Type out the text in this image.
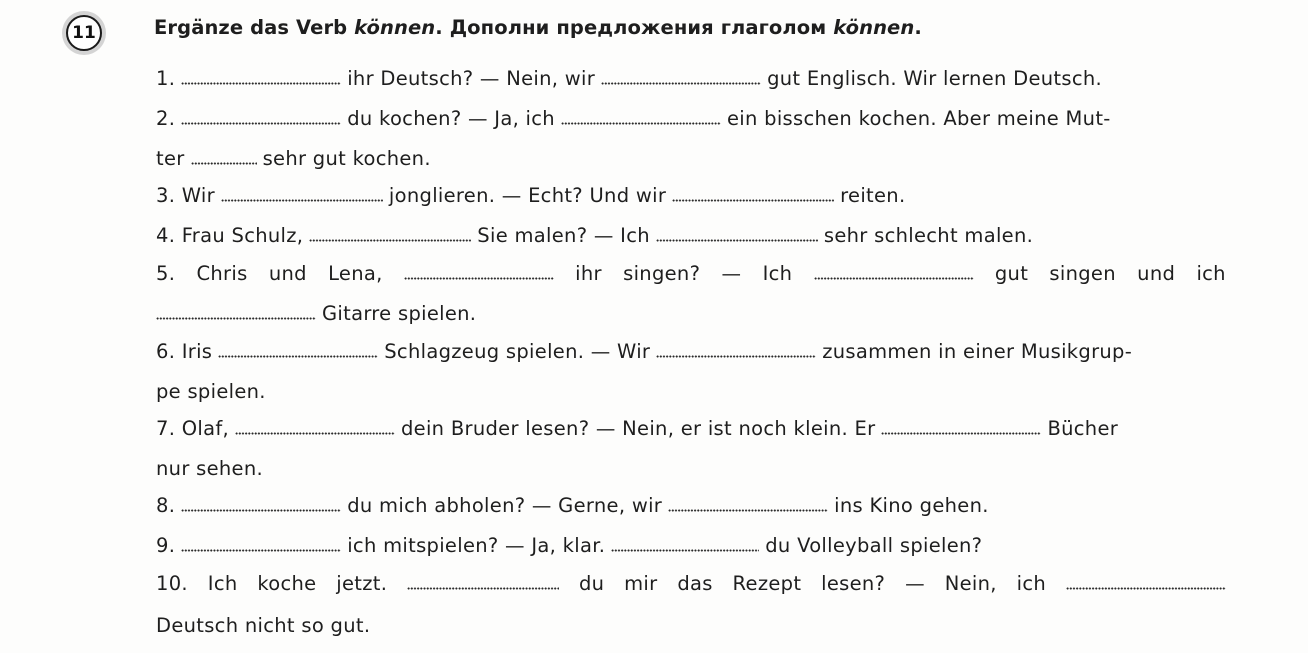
11	Ergänze das Verb können. Дополни предложения глаголом können.
1.	ihr Deutsch? — Nein, wir	gut Englisch. Wir lernen Deutsch.
2.	du kochen? — Ja, ich	ein bisschen kochen. Aber meine Mut-
ter	sehr gut kochen.
3. Wir	jonglieren. — Echt? Und wir	reiten.
4. Frau Schulz,	Sie malen? — Ich	sehr schlecht malen.
5. Chris und Lena,	ihr singen? — Ich	gut singen und ich
Gitarre spielen.
6. Iris	Schlagzeug spielen. — Wir	zusammen in einer Musikgrup-
pe spielen.
7. Olaf,	dein Bruder lesen? — Nein, er ist noch klein. Er	Bücher
nur sehen.
8.	du mich abholen? — Gerne, wir	ins Kino gehen.
9.	ich mitspielen? — Ja, klar.	du Volleyball spielen?
10. Ich koche jetzt.	du mir das Rezept lesen? — Nein, ich
Deutsch nicht so gut.
